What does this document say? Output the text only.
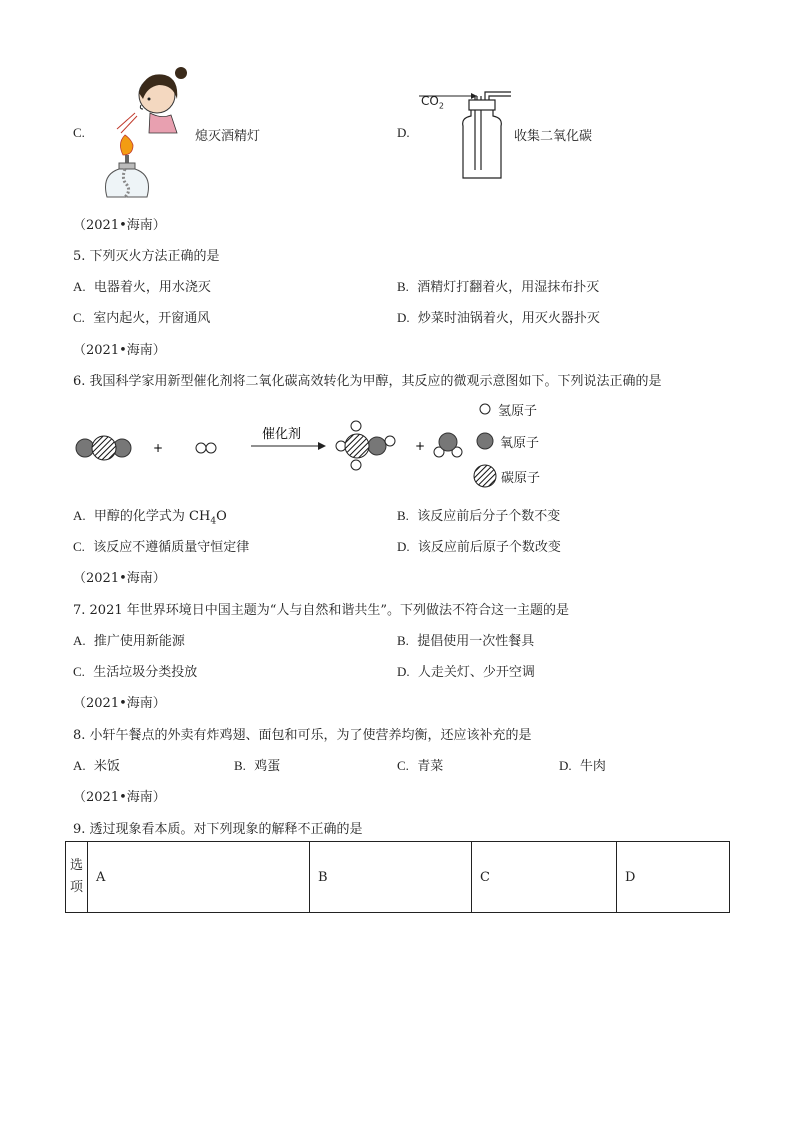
C.	熄灭酒精灯	D.
$CO_2$
收集二氧化碳
（2021•海南）
5. 下列灭火方法正确的是
A. 电器着火，用水浇灭	B. 酒精灯打翻着火，用湿抹布扑灭
C. 室内起火，开窗通风	D. 炒菜时油锅着火，用灭火器扑灭
（2021•海南）
6. 我国科学家用新型催化剂将二氧化碳高效转化为甲醇，其反应的微观示意图如下。下列说法正确的是
+
催化剂
+
氢原子
氧原子
碳原子
A. 甲醇的化学式为 $CH_4O$	B. 该反应前后分子个数不变
C. 该反应不遵循质量守恒定律	D. 该反应前后原子个数改变
（2021•海南）
7. 2021 年世界环境日中国主题为“人与自然和谐共生”。下列做法不符合这一主题的是
A. 推广使用新能源	B. 提倡使用一次性餐具
C. 生活垃圾分类投放	D. 人走关灯、少开空调
（2021•海南）
8. 小轩午餐点的外卖有炸鸡翅、面包和可乐，为了使营养均衡，还应该补充的是
A. 米饭	B. 鸡蛋	C. 青菜	D. 牛肉
（2021•海南）
9. 透过现象看本质。对下列现象的解释不正确的是
选
项	A	B	C	D
